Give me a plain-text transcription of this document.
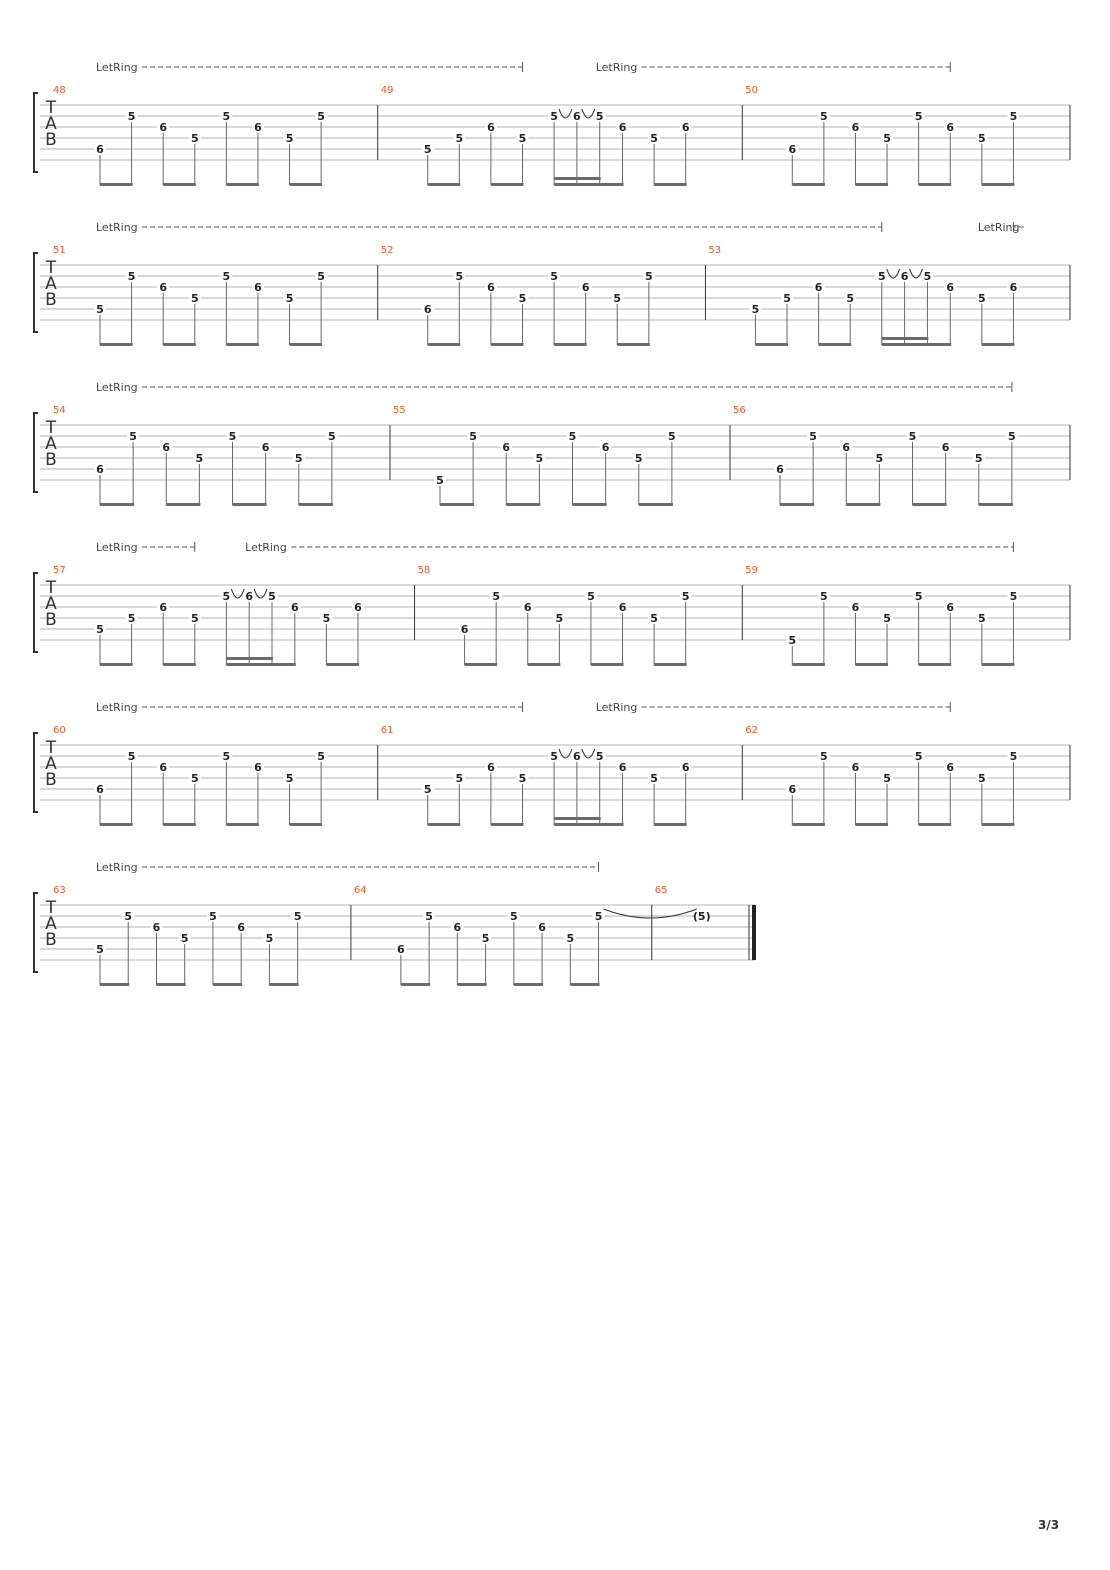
T
A
B
48
6
5
6
5
5
6
5
5
49
5
5
6
5
5 6 5
6
5
6
50
6
5
6
5
5
6
5
5
LetRing	LetRing
T
A
B
51
5
5
6
5
5
6
5
5
52
6
5
6
5
5
6
5
5
53
5
5
6
5
5 6 5
6
5
6
LetRing	LetRing
T
A
B
54
6
5
6
5
5
6
5
5
55
5
5
6
5
5
6
5
5
56
6
5
6
5
5
6
5
5
LetRing
T
A
B
57
5
5
6
5
5 6 5
6
5
6
58
6
5
6
5
5
6
5
5
59
5
5
6
5
5
6
5
5
LetRing	LetRing
T
A
B
60
6
5
6
5
5
6
5
5
61
5
5
6
5
5 6 5
6
5
6
62
6
5
6
5
5
6
5
5
LetRing	LetRing
T
A
B
63
5
5
6
5
5
6
5
5
64
6
5
6
5
5
6
5
5
65
(5)
LetRing
3/3
